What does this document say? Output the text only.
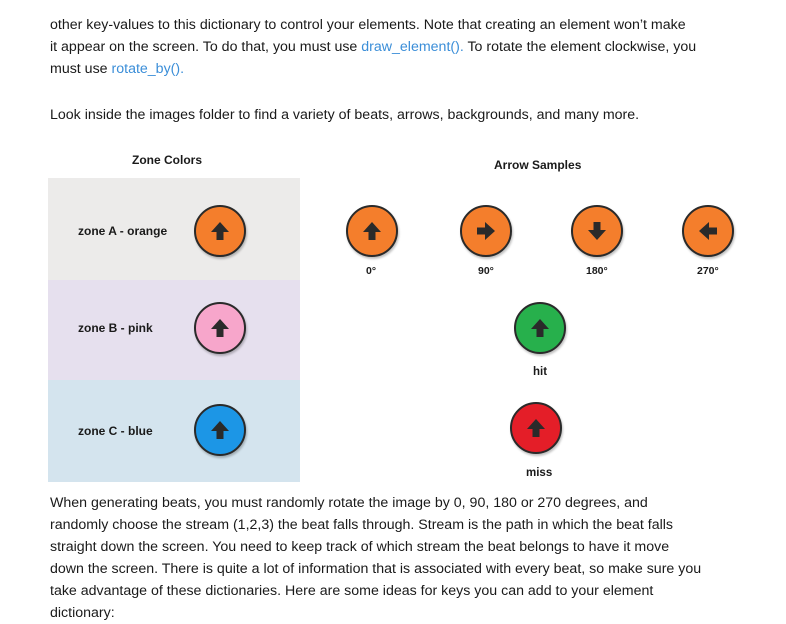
other key-values to this dictionary to control your elements. Note that creating an element won’t make
it appear on the screen. To do that, you must use draw_element(). To rotate the element clockwise, you
must use rotate_by().

Look inside the images folder to find a variety of beats, arrows, backgrounds, and many more.

Zone Colors	Arrow Samples
zone A - orange
zone B - pink
zone C - blue
0°	90°	180°	270°
hit
miss

When generating beats, you must randomly rotate the image by 0, 90, 180 or 270 degrees, and
randomly choose the stream (1,2,3) the beat falls through. Stream is the path in which the beat falls
straight down the screen. You need to keep track of which stream the beat belongs to have it move
down the screen. There is quite a lot of information that is associated with every beat, so make sure you
take advantage of these dictionaries. Here are some ideas for keys you can add to your element
dictionary:
